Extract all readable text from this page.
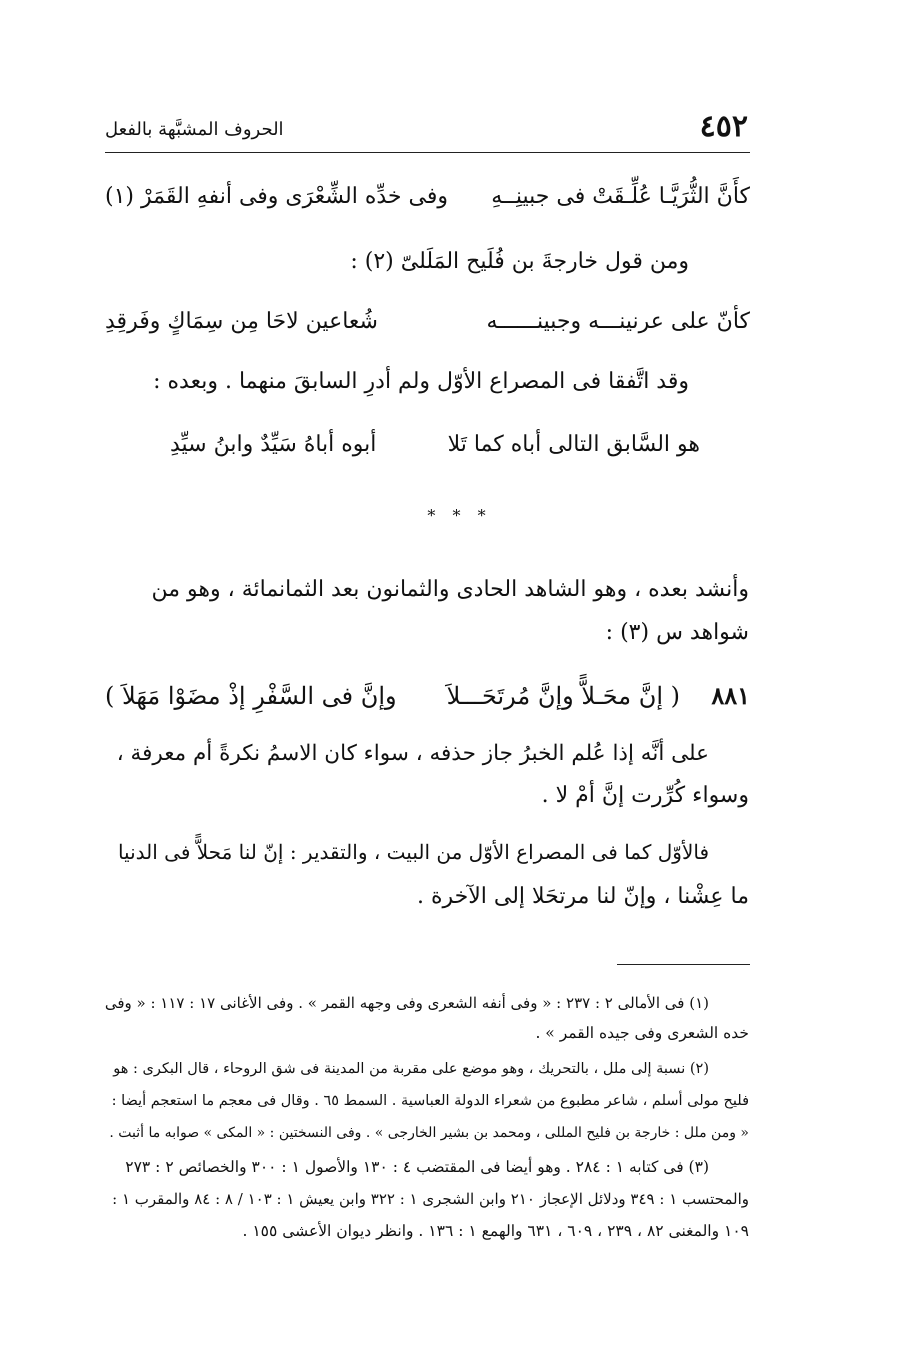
٤٥٢
الحروف المشبَّهة بالفعل
كأَنَّ الثُّرَيَّـا عُلِّـقَتْ فى جبينِــهِ
وفى خدِّه الشِّعْرَى وفى أنفهِ القَمَرْ (١)
ومن قول خارجةَ بن فُلَيح المَلَلىّ (٢) :
كأنّ على عرنينـــه وجبينــــــه
شُعاعين لاحَا مِن سِمَاكٍ وفَرقِدِ
وقد اتَّفقا فى المصراع الأوّل ولم أدرِ السابقَ منهما . وبعده :
هو السَّابق التالى أباه كما تَلا
أبوه أباهُ سَيِّدٌ وابنُ سيِّدِ
* * *
وأنشد بعده ، وهو الشاهد الحادى والثمانون بعد الثمانمائة ، وهو من
شواهد س (٣) :
٨٨١
( إنَّ محَـلاًّ وإنَّ مُرتَحَـــلاَ
وإنَّ فى السَّفْرِ إذْ مضَوْا مَهَلاَ )
على أنَّه إذا عُلم الخبرُ جاز حذفه ، سواء كان الاسمُ نكرةً أم معرفة ،
وسواء كُرِّرت إنَّ أمْ لا .
فالأوّل كما فى المصراع الأوّل من البيت ، والتقدير : إنّ لنا مَحلاًّ فى الدنيا
ما عِشْنا ، وإنّ لنا مرتحَلا إلى الآخرة .
(١) فى الأمالى ٢ : ٢٣٧ : « وفى أنفه الشعرى وفى وجهه القمر » . وفى الأغانى ١٧ : ١١٧ : « وفى
خده الشعرى وفى جيده القمر » .
(٢) نسبة إلى ملل ، بالتحريك ، وهو موضع على مقربة من المدينة فى شق الروحاء ، قال البكرى : هو
فليح مولى أسلم ، شاعر مطبوع من شعراء الدولة العباسية . السمط ٦٥ . وقال فى معجم ما استعجم أيضا :
« ومن ملل : خارجة بن فليح المللى ، ومحمد بن بشير الخارجى » . وفى النسختين : « المكى » صوابه ما أثبت .
(٣) فى كتابه ١ : ٢٨٤ . وهو أيضا فى المقتضب ٤ : ١٣٠ والأصول ١ : ٣٠٠ والخصائص ٢ : ٢٧٣
والمحتسب ١ : ٣٤٩ ودلائل الإعجاز ٢١٠ وابن الشجرى ١ : ٣٢٢ وابن يعيش ١ : ١٠٣ / ٨ : ٨٤ والمقرب ١ :
١٠٩ والمغنى ٨٢ ، ٢٣٩ ، ٦٠٩ ، ٦٣١ والهمع ١ : ١٣٦ . وانظر ديوان الأعشى ١٥٥ .
